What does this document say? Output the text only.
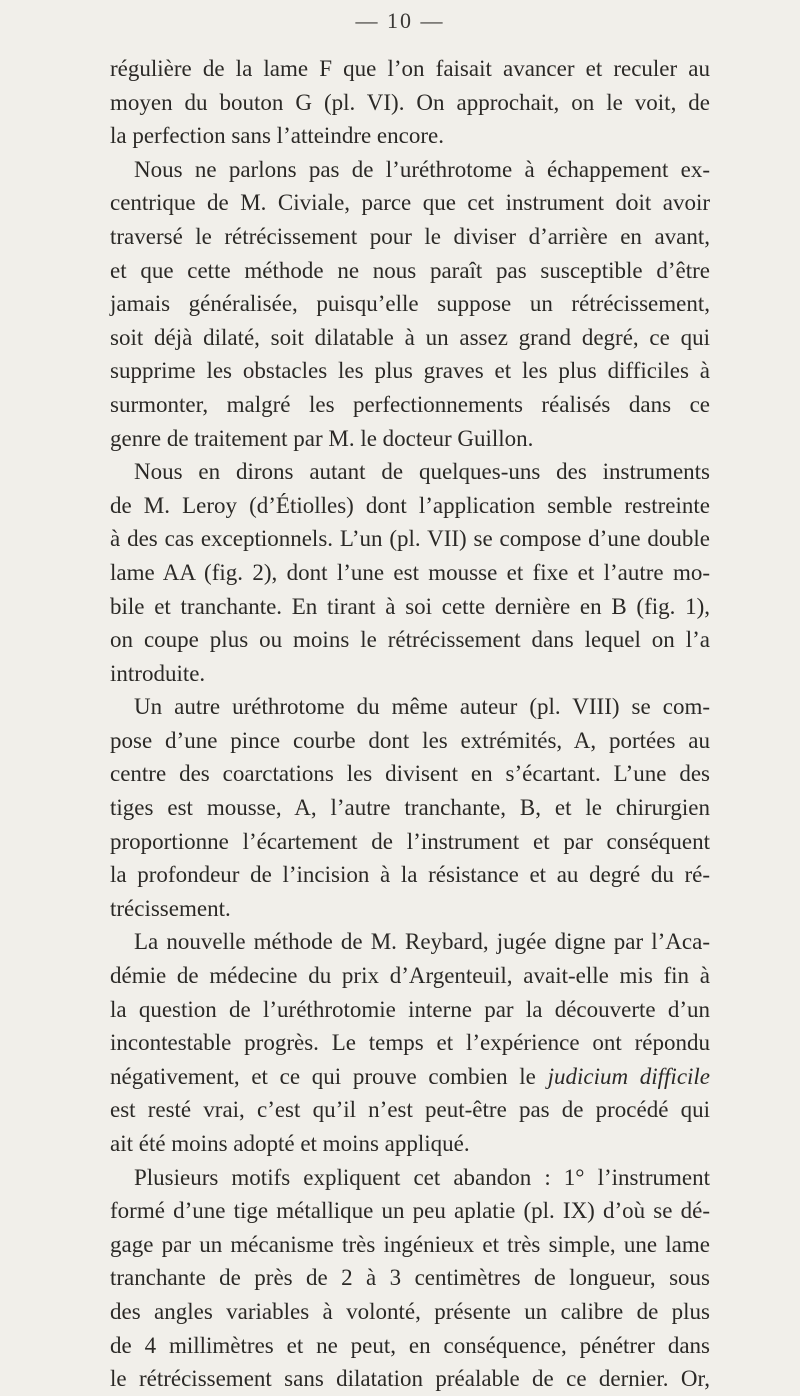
— 10 —
régulière de la lame F que l’on faisait avancer et reculer au
moyen du bouton G (pl. VI). On approchait, on le voit, de
la perfection sans l’atteindre encore.
Nous ne parlons pas de l’uréthrotome à échappement ex-
centrique de M. Civiale, parce que cet instrument doit avoir
traversé le rétrécissement pour le diviser d’arrière en avant,
et que cette méthode ne nous paraît pas susceptible d’être
jamais généralisée, puisqu’elle suppose un rétrécissement,
soit déjà dilaté, soit dilatable à un assez grand degré, ce qui
supprime les obstacles les plus graves et les plus difficiles à
surmonter, malgré les perfectionnements réalisés dans ce
genre de traitement par M. le docteur Guillon.
Nous en dirons autant de quelques-uns des instruments
de M. Leroy (d’Étiolles) dont l’application semble restreinte
à des cas exceptionnels. L’un (pl. VII) se compose d’une double
lame AA (fig. 2), dont l’une est mousse et fixe et l’autre mo-
bile et tranchante. En tirant à soi cette dernière en B (fig. 1),
on coupe plus ou moins le rétrécissement dans lequel on l’a
introduite.
Un autre uréthrotome du même auteur (pl. VIII) se com-
pose d’une pince courbe dont les extrémités, A, portées au
centre des coarctations les divisent en s’écartant. L’une des
tiges est mousse, A, l’autre tranchante, B, et le chirurgien
proportionne l’écartement de l’instrument et par conséquent
la profondeur de l’incision à la résistance et au degré du ré-
trécissement.
La nouvelle méthode de M. Reybard, jugée digne par l’Aca-
démie de médecine du prix d’Argenteuil, avait-elle mis fin à
la question de l’uréthrotomie interne par la découverte d’un
incontestable progrès. Le temps et l’expérience ont répondu
négativement, et ce qui prouve combien le judicium difficile
est resté vrai, c’est qu’il n’est peut-être pas de procédé qui
ait été moins adopté et moins appliqué.
Plusieurs motifs expliquent cet abandon : 1° l’instrument
formé d’une tige métallique un peu aplatie (pl. IX) d’où se dé-
gage par un mécanisme très ingénieux et très simple, une lame
tranchante de près de 2 à 3 centimètres de longueur, sous
des angles variables à volonté, présente un calibre de plus
de 4 millimètres et ne peut, en conséquence, pénétrer dans
le rétrécissement sans dilatation préalable de ce dernier. Or,
